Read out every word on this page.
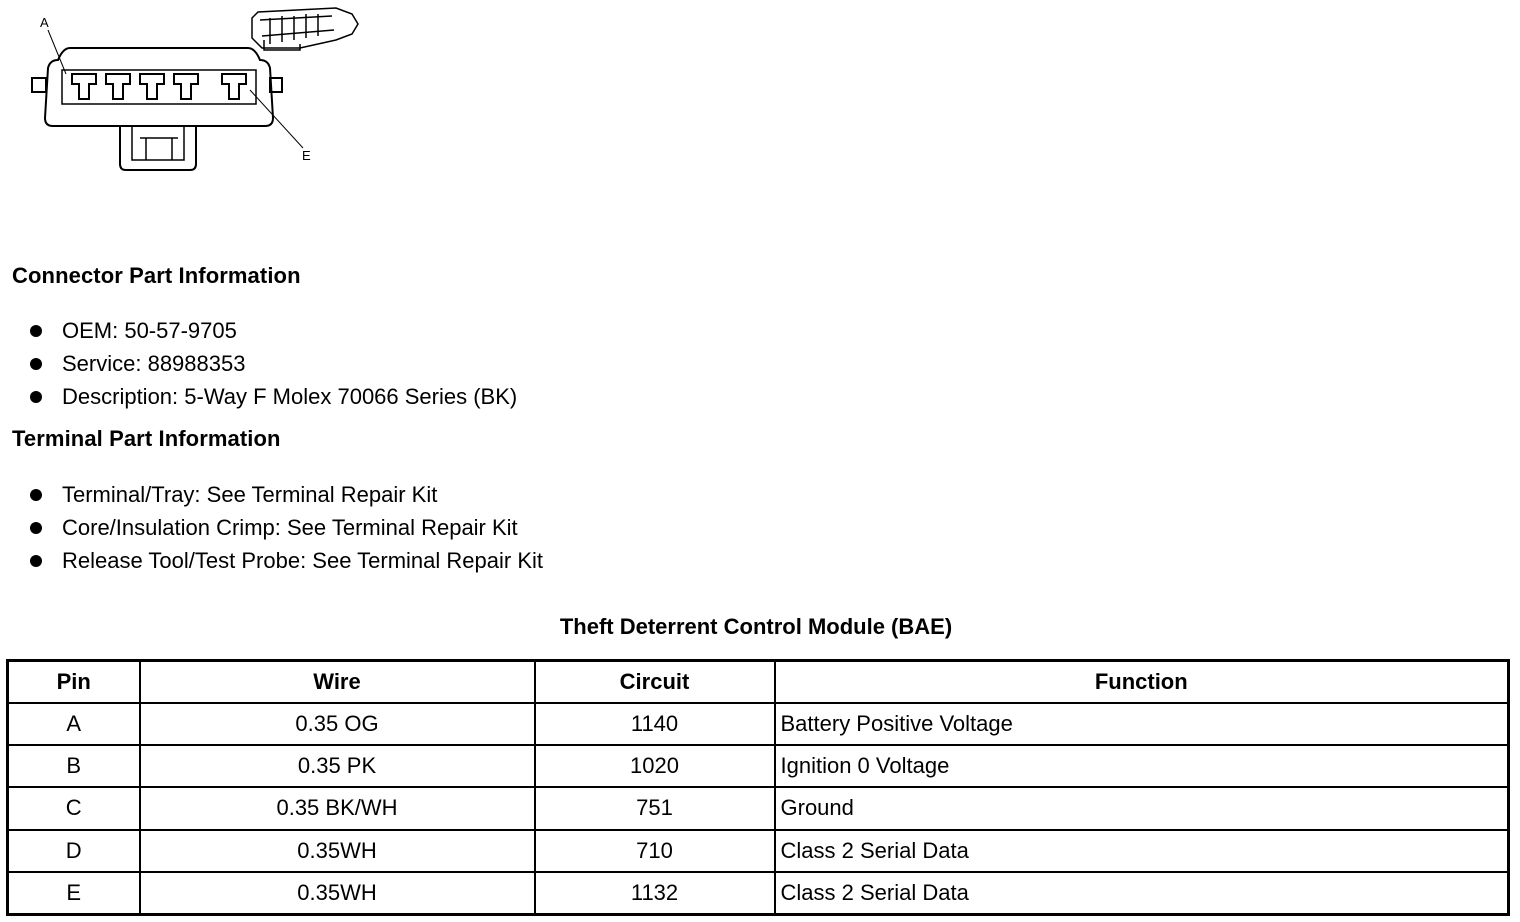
A
E
Connector Part Information
OEM: 50-57-9705
Service: 88988353
Description: 5-Way F Molex 70066 Series (BK)
Terminal Part Information
Terminal/Tray: See Terminal Repair Kit
Core/Insulation Crimp: See Terminal Repair Kit
Release Tool/Test Probe: See Terminal Repair Kit
Theft Deterrent Control Module (BAE)
Pin	Wire	Circuit	Function
A	0.35 OG	1140	Battery Positive Voltage
B	0.35 PK	1020	Ignition 0 Voltage
C	0.35 BK/WH	751	Ground
D	0.35WH	710	Class 2 Serial Data
E	0.35WH	1132	Class 2 Serial Data
